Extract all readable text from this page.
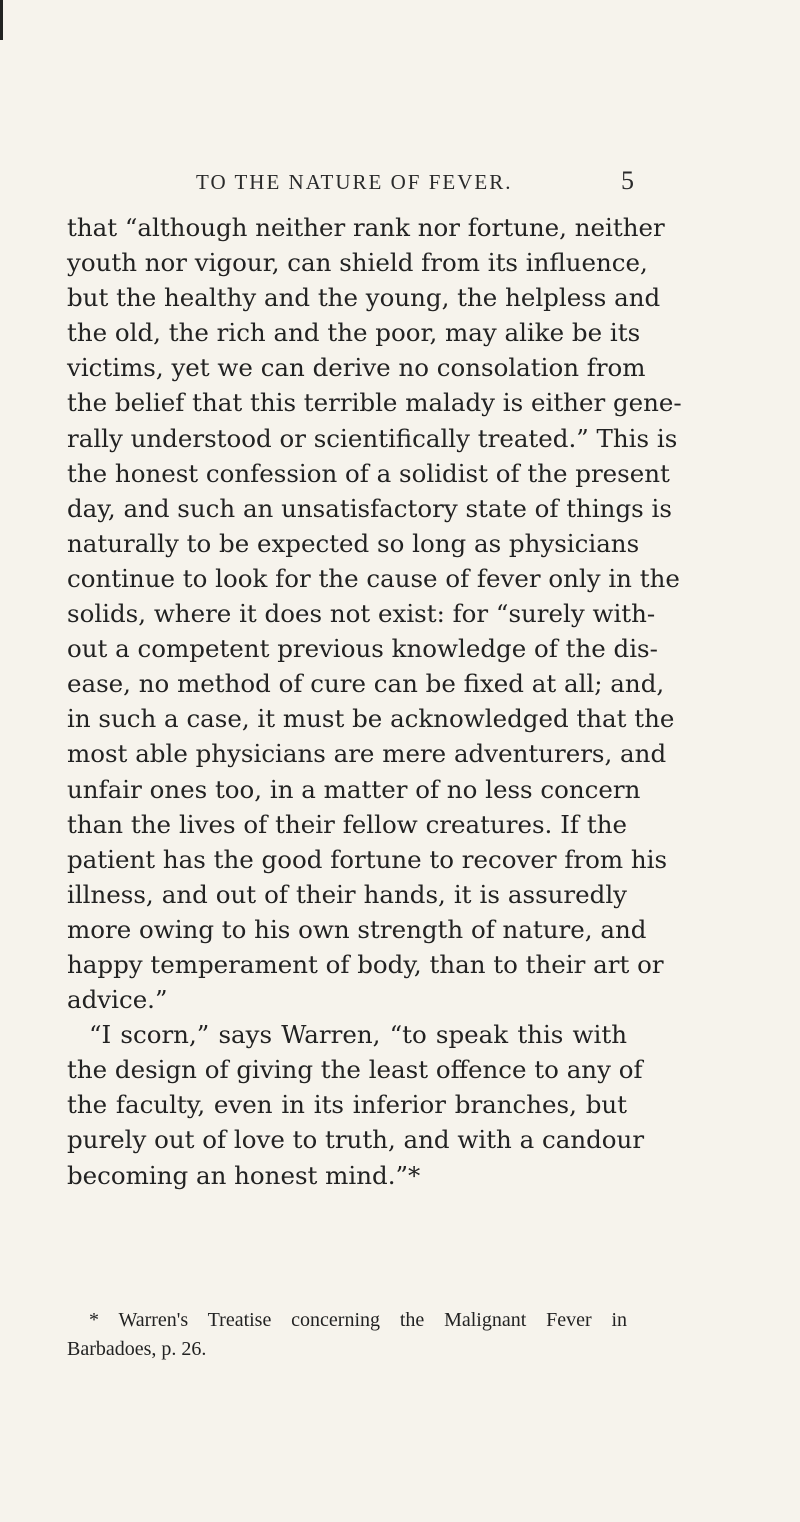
TO THE NATURE OF FEVER.	5
that “although neither rank nor fortune, neither
youth nor vigour, can shield from its influence,
but the healthy and the young, the helpless and
the old, the rich and the poor, may alike be its
victims, yet we can derive no consolation from
the belief that this terrible malady is either gene-
rally understood or scientifically treated.” This is
the honest confession of a solidist of the present
day, and such an unsatisfactory state of things is
naturally to be expected so long as physicians
continue to look for the cause of fever only in the
solids, where it does not exist: for “surely with-
out a competent previous knowledge of the dis-
ease, no method of cure can be fixed at all; and,
in such a case, it must be acknowledged that the
most able physicians are mere adventurers, and
unfair ones too, in a matter of no less concern
than the lives of their fellow creatures. If the
patient has the good fortune to recover from his
illness, and out of their hands, it is assuredly
more owing to his own strength of nature, and
happy temperament of body, than to their art or
advice.”
“I scorn,” says Warren, “to speak this with
the design of giving the least offence to any of
the faculty, even in its inferior branches, but
purely out of love to truth, and with a candour
becoming an honest mind.”*
* Warren's Treatise concerning the Malignant Fever in
Barbadoes, p. 26.
